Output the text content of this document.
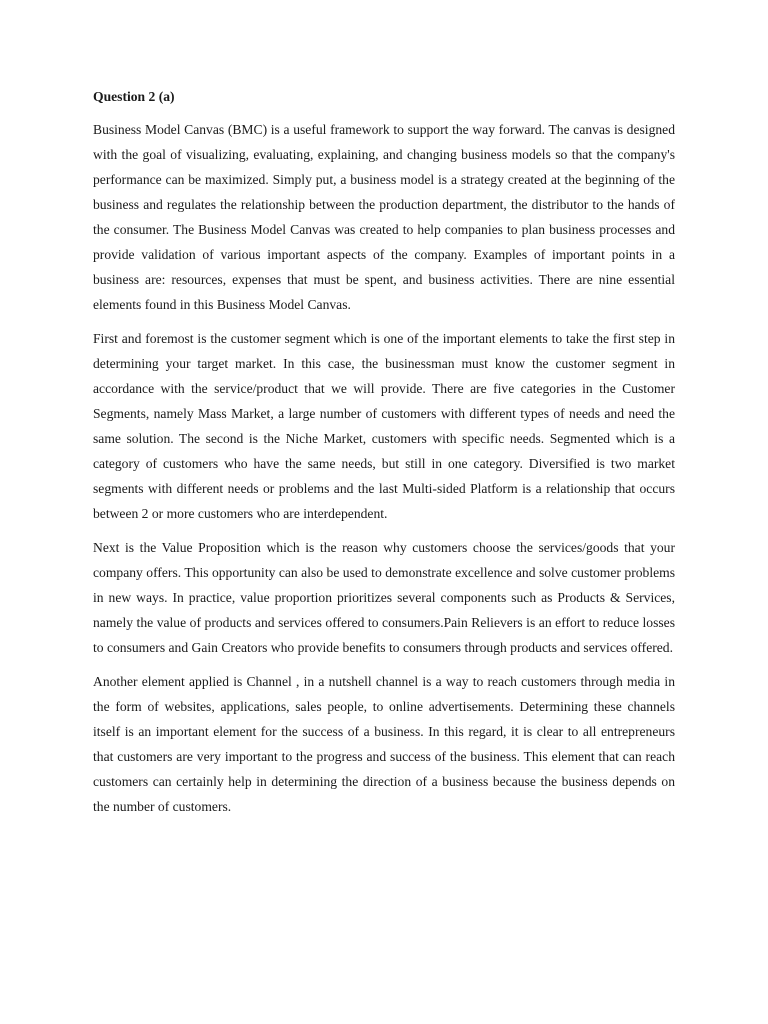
Question 2 (a)

Business Model Canvas (BMC) is a useful framework to support the way forward. The canvas is designed with the goal of visualizing, evaluating, explaining, and changing business models so that the company's performance can be maximized. Simply put, a business model is a strategy created at the beginning of the business and regulates the relationship between the production department, the distributor to the hands of the consumer. The Business Model Canvas was created to help companies to plan business processes and provide validation of various important aspects of the company. Examples of important points in a business are: resources, expenses that must be spent, and business activities. There are nine essential elements found in this Business Model Canvas.

First and foremost is the customer segment which is one of the important elements to take the first step in determining your target market. In this case, the businessman must know the customer segment in accordance with the service/product that we will provide. There are five categories in the Customer Segments, namely Mass Market, a large number of customers with different types of needs and need the same solution. The second is the Niche Market, customers with specific needs. Segmented which is a category of customers who have the same needs, but still in one category. Diversified is two market segments with different needs or problems and the last Multi-sided Platform is a relationship that occurs between 2 or more customers who are interdependent.

Next is the Value Proposition which is the reason why customers choose the services/goods that your company offers. This opportunity can also be used to demonstrate excellence and solve customer problems in new ways. In practice, value proportion prioritizes several components such as Products & Services, namely the value of products and services offered to consumers.Pain Relievers is an effort to reduce losses to consumers and Gain Creators who provide benefits to consumers through products and services offered.

Another element applied is Channel , in a nutshell channel is a way to reach customers through media in the form of websites, applications, sales people, to online advertisements. Determining these channels itself is an important element for the success of a business. In this regard, it is clear to all entrepreneurs that customers are very important to the progress and success of the business. This element that can reach customers can certainly help in determining the direction of a business because the business depends on the number of customers.
